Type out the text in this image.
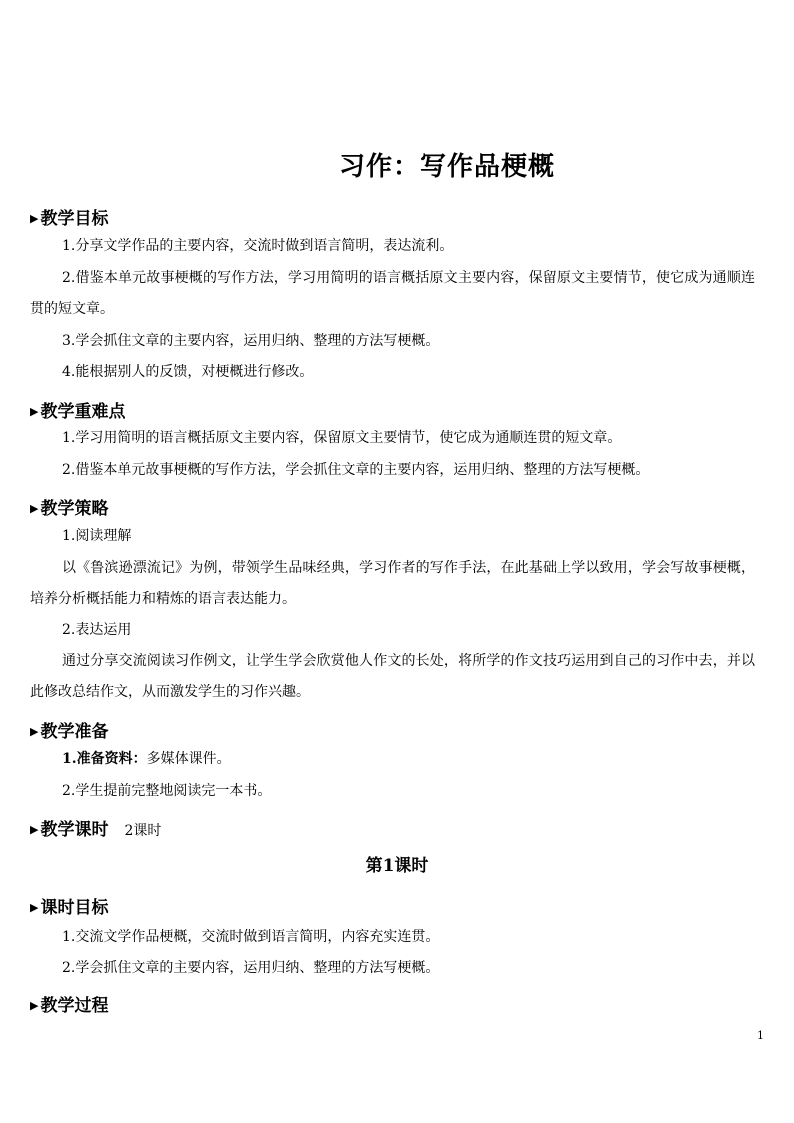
习作：写作品梗概
▶ 教学目标
1.分享文学作品的主要内容，交流时做到语言简明，表达流利。
2.借鉴本单元故事梗概的写作方法，学习用简明的语言概括原文主要内容，保留原文主要情节，使它成为通顺连贯的短文章。
3.学会抓住文章的主要内容，运用归纳、整理的方法写梗概。
4.能根据别人的反馈，对梗概进行修改。
▶ 教学重难点
1.学习用简明的语言概括原文主要内容，保留原文主要情节，使它成为通顺连贯的短文章。
2.借鉴本单元故事梗概的写作方法，学会抓住文章的主要内容，运用归纳、整理的方法写梗概。
▶ 教学策略
1.阅读理解
以《鲁滨逊漂流记》为例，带领学生品味经典，学习作者的写作手法，在此基础上学以致用，学会写故事梗概，培养分析概括能力和精炼的语言表达能力。
2.表达运用
通过分享交流阅读习作例文，让学生学会欣赏他人作文的长处，将所学的作文技巧运用到自己的习作中去，并以此修改总结作文，从而激发学生的习作兴趣。
▶ 教学准备
1.准备资料：多媒体课件。
2.学生提前完整地阅读完一本书。
▶ 教学课时 2课时
第1课时
▶ 课时目标
1.交流文学作品梗概，交流时做到语言简明，内容充实连贯。
2.学会抓住文章的主要内容，运用归纳、整理的方法写梗概。
▶ 教学过程
1
